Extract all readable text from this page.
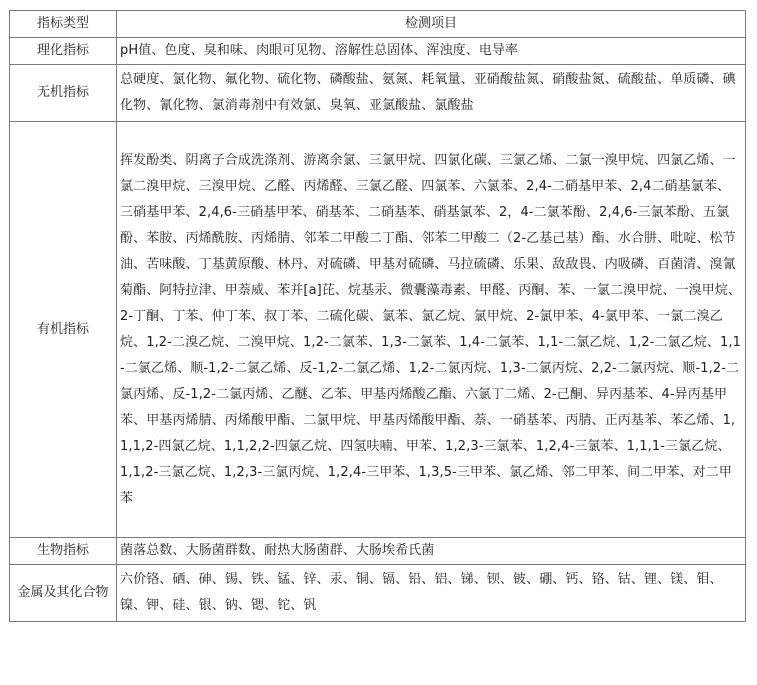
指标类型	检测项目
理化指标	pH值、色度、臭和味、肉眼可见物、溶解性总固体、浑浊度、电导率
无机指标	总硬度、氯化物、氟化物、硫化物、磷酸盐、氨氮、耗氧量、亚硝酸盐氮、硝酸盐氮、硫酸盐、单质磷、碘化物、氰化物、氯消毒剂中有效氯、臭氧、亚氯酸盐、氯酸盐
有机指标	挥发酚类、阴离子合成洗涤剂、游离余氯、三氯甲烷、四氯化碳、三氯乙烯、二氯一溴甲烷、四氯乙烯、一氯二溴甲烷、三溴甲烷、乙醛、丙烯醛、三氯乙醛、四氯苯、六氯苯、2,4-二硝基甲苯、2,4二硝基氯苯、三硝基甲苯、2,4,6-三硝基甲苯、硝基苯、二硝基苯、硝基氯苯、2，4-二氯苯酚、2,4,6-三氯苯酚、五氯酚、苯胺、丙烯酰胺、丙烯腈、邻苯二甲酸二丁酯、邻苯二甲酸二（2-乙基己基）酯、水合肼、吡啶、松节油、苦味酸、丁基黄原酸、林丹、对硫磷、甲基对硫磷、马拉硫磷、乐果、敌敌畏、内吸磷、百菌清、溴氰菊酯、阿特拉津、甲萘威、苯并[a]芘、烷基汞、微囊藻毒素、甲醛、丙酮、苯、一氯二溴甲烷、一溴甲烷、2-丁酮、丁苯、仲丁苯、叔丁苯、二硫化碳、氯苯、氯乙烷、氯甲烷、2-氯甲苯、4-氯甲苯、一氯二溴乙烷、1,2-二溴乙烷、二溴甲烷、1,2-二氯苯、1,3-二氯苯、1,4-二氯苯、1,1-二氯乙烷、1,2-二氯乙烷、1,1-二氯乙烯、顺-1,2-二氯乙烯、反-1,2-二氯乙烯、1,2-二氯丙烷、1,3-二氯丙烷、2,2-二氯丙烷、顺-1,2-二氯丙烯、反-1,2-二氯丙烯、乙醚、乙苯、甲基丙烯酸乙酯、六氯丁二烯、2-己酮、异丙基苯、4-异丙基甲苯、甲基丙烯腈、丙烯酸甲酯、二氯甲烷、甲基丙烯酸甲酯、萘、一硝基苯、丙腈、正丙基苯、苯乙烯、1,1,1,2-四氯乙烷、1,1,2,2-四氯乙烷、四氢呋喃、甲苯、1,2,3-三氯苯、1,2,4-三氯苯、1,1,1-三氯乙烷、1,1,2-三氯乙烷、1,2,3-三氯丙烷、1,2,4-三甲苯、1,3,5-三甲苯、氯乙烯、邻二甲苯、间二甲苯、对二甲苯
生物指标	菌落总数、大肠菌群数、耐热大肠菌群、大肠埃希氏菌
金属及其化合物	六价铬、硒、砷、锡、铁、锰、锌、汞、铜、镉、铅、铝、锑、钡、铍、硼、钙、铬、钴、锂、镁、钼、镍、钾、硅、银、钠、锶、铊、钒
